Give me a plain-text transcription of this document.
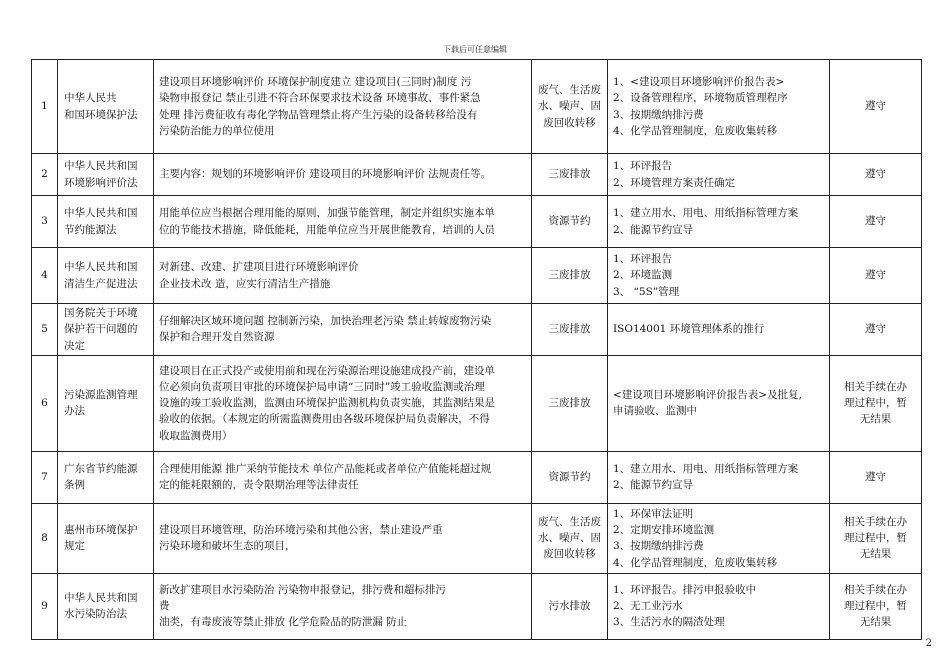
下载后可任意编辑
1	中华人民共
和国环境保护法	建设项目环境影响评价 环境保护制度建立 建设项目(三同时)制度 污
染物申报登记 禁止引进不符合环保要求技术设备 环境事故、事件紧急
处理 排污费征收有毒化学物品管理禁止将产生污染的设备转移给没有
污染防治能力的单位使用	废气、生活废
水、噪声、固
废回收转移	1、<建设项目环境影响评价报告表>
2、设备管理程序，环境物质管理程序
3、按期缴纳排污费
4、化学品管理制度，危废收集转移	遵守

2	中华人民共和国
环境影响评价法	主要内容：规划的环境影响评价 建设项目的环境影响评价 法规责任等。	三废排放	1、环评报告
2、环境管理方案责任确定	遵守

3	中华人民共和国
节约能源法	用能单位应当根据合理用能的原则，加强节能管理，制定并组织实施本单
位的节能技术措施，降低能耗，用能单位应当开展世能教育，培训的人员	资源节约	1、建立用水、用电、用纸指标管理方案
2、能源节约宣导	遵守

4	中华人民共和国
清洁生产促进法	对新建、改建、扩建项目进行环境影响评价
企业技术改 造，应实行清洁生产措施	三废排放	1、环评报告
2、环境监测
3、 “5S”管理	遵守

5	国务院关于环境
保护若干问题的
决定	仔细解决区域环境问题 控制新污染，加快治理老污染 禁止转嫁废物污染
保护和合理开发自然资源	三废排放	ISO14001 环境管理体系的推行	遵守

6	污染源监测管理
办法	建设项目在正式投产或使用前和现在污染源治理设施建成投产前，建设单
位必须向负责项目审批的环境保护局申请“三同时”竣工验收监测或治理
设施的竣工验收监测，监测由环境保护监测机构负责实施，其监测结果是
验收的依据。（本规定的所需监测费用由各级环境保护局负责解决，不得
收取监测费用）	三废排放	<建设项目环境影响评价报告表>及批复,
申请验收、监测中	相关手续在办
理过程中，暂
无结果

7	广东省节约能源
条例	合理使用能源 推广采纳节能技术 单位产品能耗或者单位产值能耗超过规
定的能耗限额的，责令限期治理等法律责任	资源节约	1、建立用水、用电、用纸指标管理方案
2、能源节约宣导	遵守

8	惠州市环境保护
规定	建设项目环境管理，防治环境污染和其他公害，禁止建设严重
污染环境和破坏生态的项目，	废气、生活废
水、噪声、固
废回收转移	1、环保审法证明
2、定期安排环境监测
3、按期缴纳排污费
4、化学品管理制度，危废收集转移	相关手续在办
理过程中，暂
无结果

9	中华人民共和国
水污染防治法	新改扩建项目水污染防治 污染物申报登记，排污费和超标排污
费
油类，有毒废液等禁止排放 化学危险品的防泄漏 防止	污水排放	1、环评报告。排污申报验收中
2、无工业污水
3、生活污水的隔渣处理	相关手续在办
理过程中，暂
无结果
2
